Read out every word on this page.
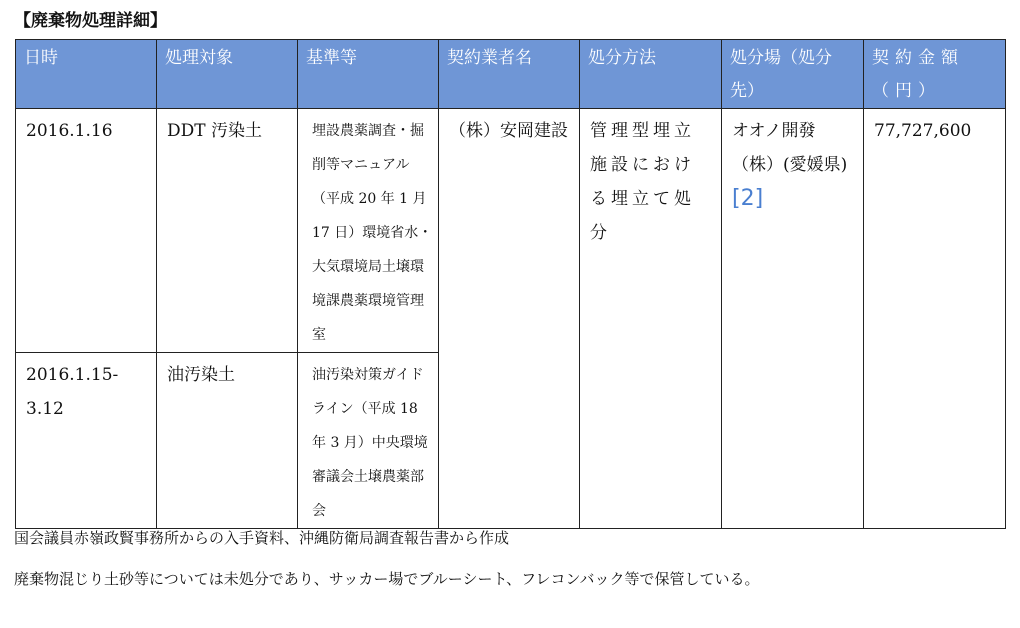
【廃棄物処理詳細】
日時	処理対象	基準等	契約業者名	処分方法	処分場（処分先）	契約金額（円）
2016.1.16	DDT 汚染土	埋設農薬調査・掘削等マニュアル（平成 20 年 1 月 17 日）環境省水・大気環境局土壌環境課農薬環境管理室	（株）安岡建設	管理型埋立施設における埋立て処分	オオノ開發（株）(愛媛県)[2]	77,727,600
2016.1.15-3.12	油汚染土	油汚染対策ガイドライン（平成 18 年 3 月）中央環境審議会土壌農薬部会				
国会議員赤嶺政賢事務所からの入手資料、沖縄防衛局調査報告書から作成
廃棄物混じり土砂等については未処分であり、サッカー場でブルーシート、フレコンバック等で保管している。
